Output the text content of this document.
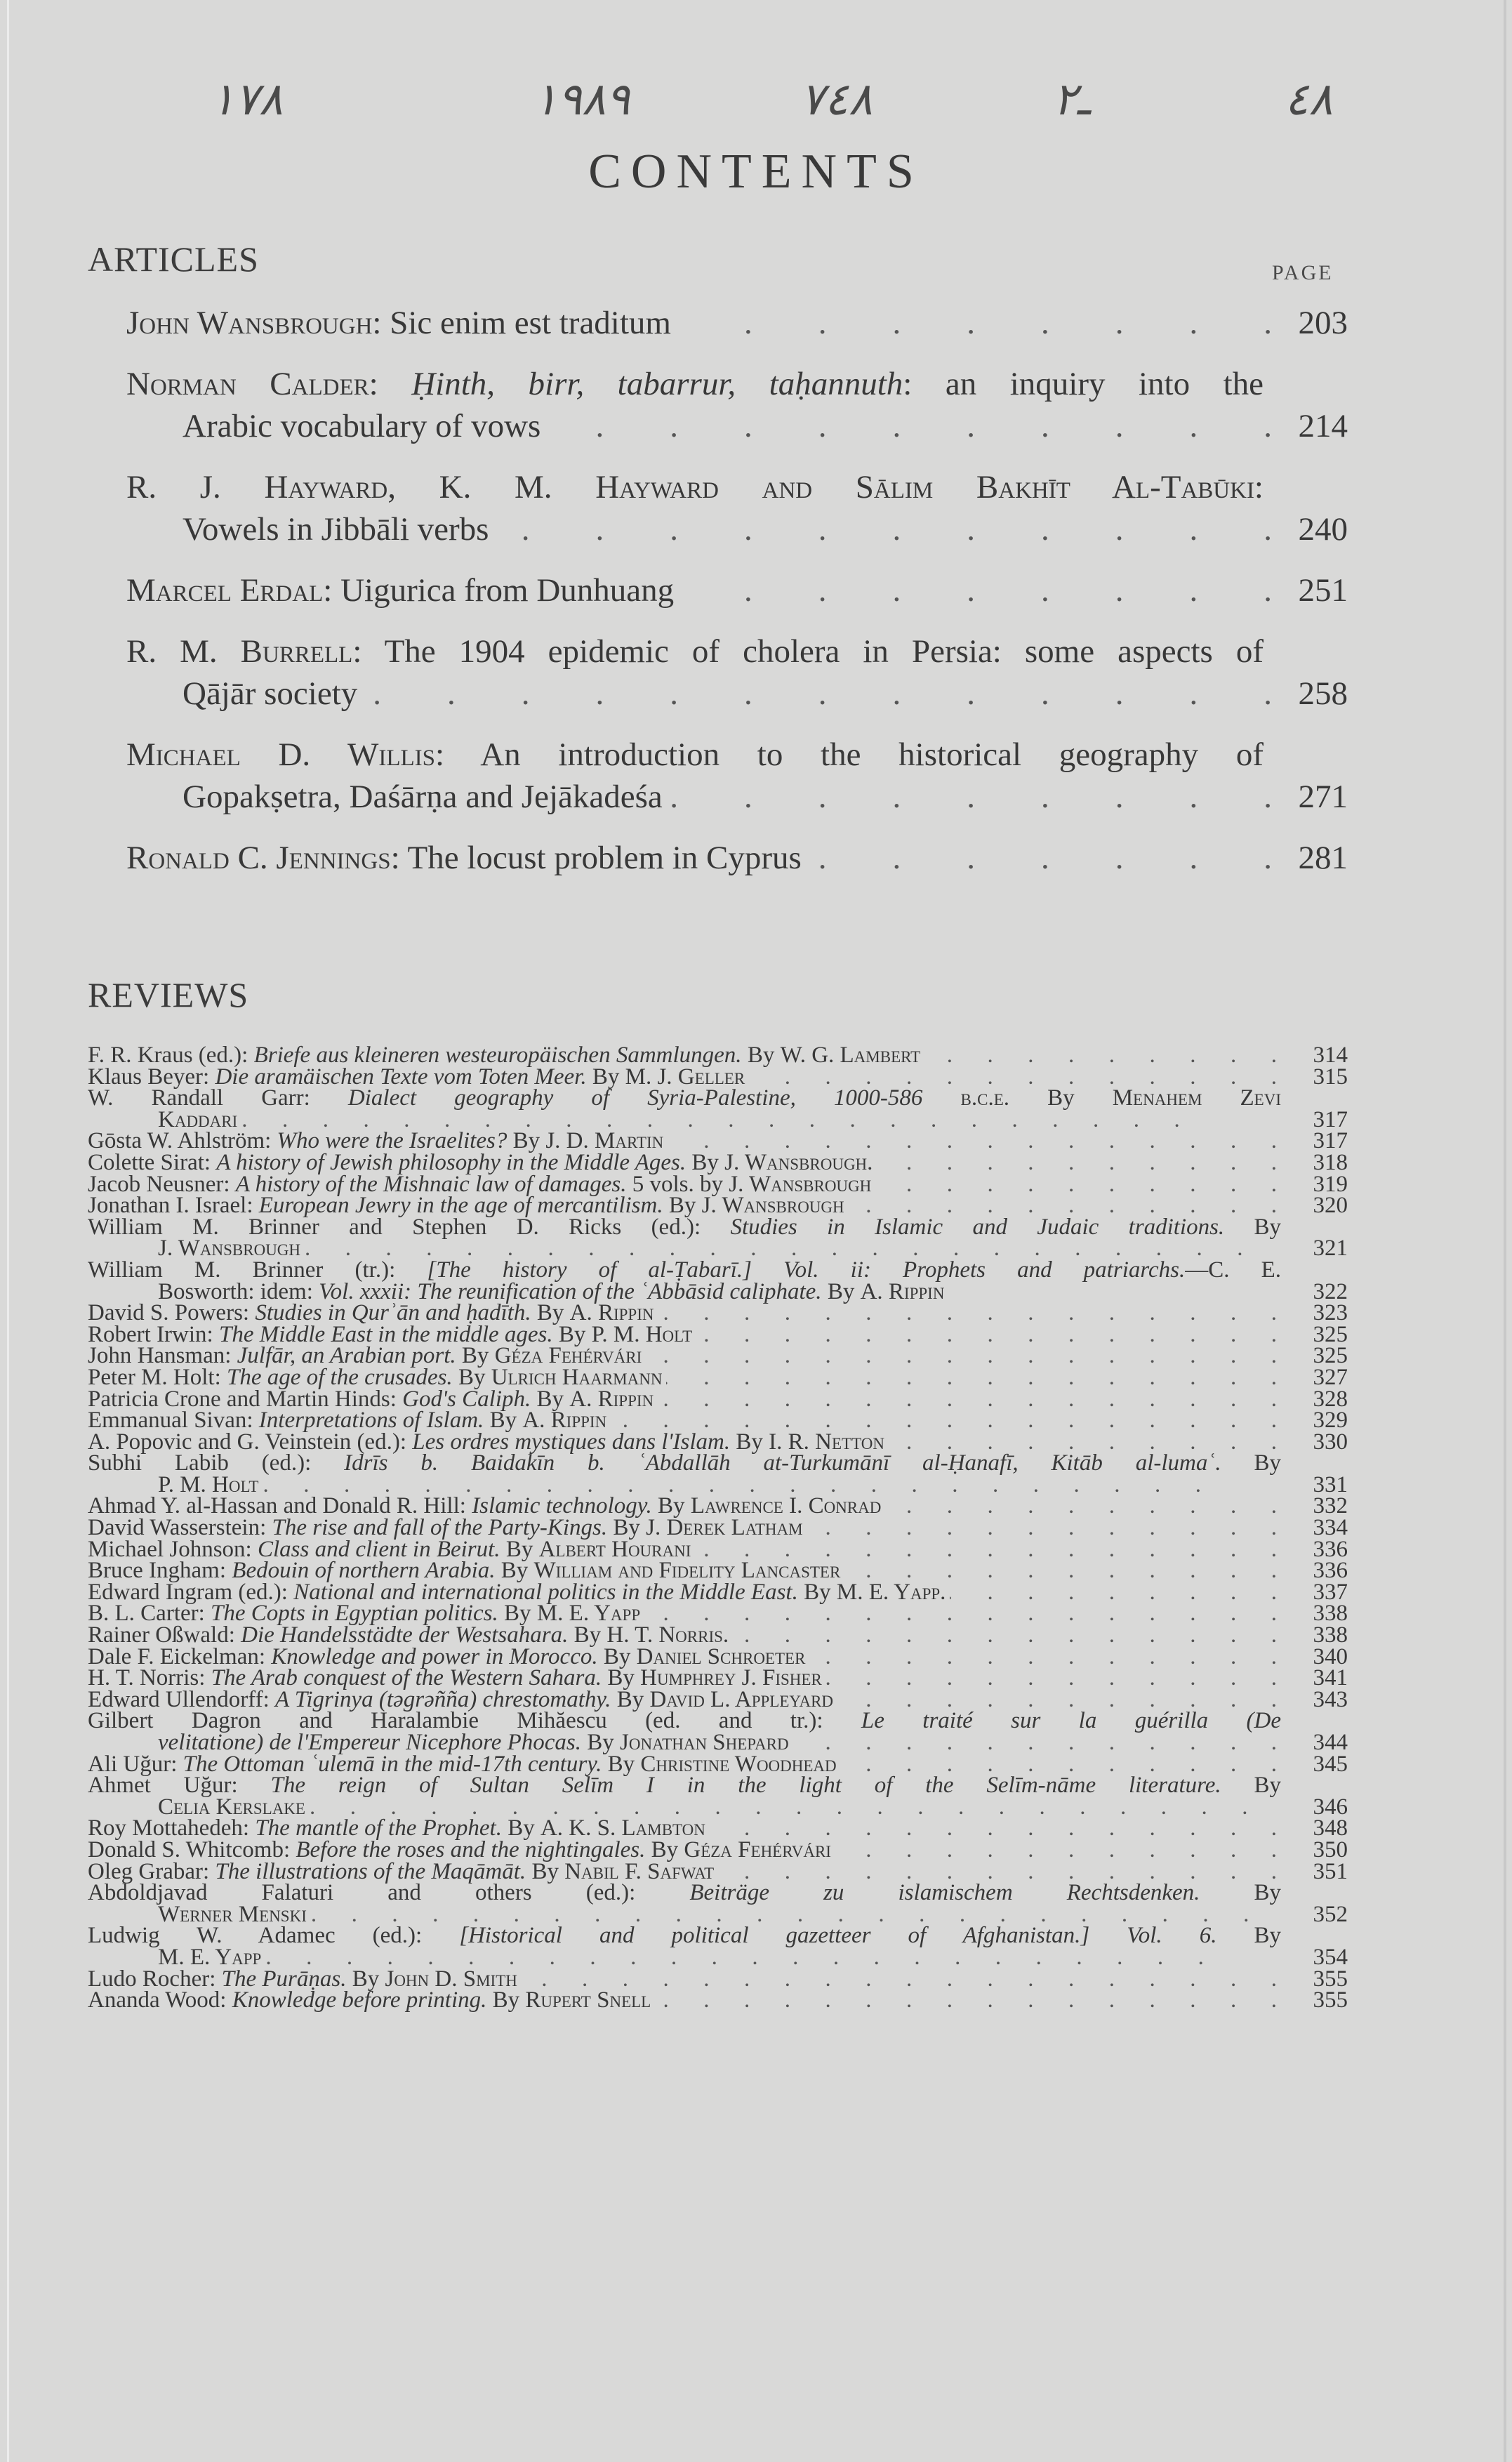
١٧٨	١٩٨٩	٧٤٨	ـ۲	٤٨
CONTENTS
ARTICLES	PAGE
John Wansbrough: Sic enim est traditum .  . 	203
Norman Calder: Ḥinth, birr, tabarrur, taḥannuth: an inquiry into the
Arabic vocabulary of vows .  . 	214
R. J. Hayward, K. M. Hayward and Sālim Bakhīt Al-Tabūki:
Vowels in Jibbāli verbs .  . 	240
Marcel Erdal: Uigurica from Dunhuang .  . 	251
R. M. Burrell: The 1904 epidemic of cholera in Persia: some aspects of
Qājār society .  . 	258
Michael D. Willis: An introduction to the historical geography of
Gopakṣetra, Daśārṇa and Jejākadeśa .  . 	271
Ronald C. Jennings: The locust problem in Cyprus .  . 	281
REVIEWS
F. R. Kraus (ed.): Briefe aus kleineren westeuropäischen Sammlungen. By W. G. Lambert .   .	314
Klaus Beyer: Die aramäischen Texte vom Toten Meer. By M. J. Geller .   .	315
W. Randall Garr: Dialect geography of Syria-Palestine, 1000-586 b.c.e. By Menahem Zevi
Kaddari .   .	317
Gōsta W. Ahlström: Who were the Israelites? By J. D. Martin .   .	317
Colette Sirat: A history of Jewish philosophy in the Middle Ages. By J. Wansbrough. .   .	318
Jacob Neusner: A history of the Mishnaic law of damages. 5 vols. by J. Wansbrough .   .	319
Jonathan I. Israel: European Jewry in the age of mercantilism. By J. Wansbrough .   .	320
William M. Brinner and Stephen D. Ricks (ed.): Studies in Islamic and Judaic traditions. By
J. Wansbrough .   .	321
William M. Brinner (tr.): [The history of al-Ṭabarī.] Vol. ii: Prophets and patriarchs.—C. E.
Bosworth: idem: Vol. xxxii: The reunification of the ʿAbbāsid caliphate. By A. Rippin	322
David S. Powers: Studies in Qurʾān and ḥadīth. By A. Rippin .   .	323
Robert Irwin: The Middle East in the middle ages. By P. M. Holt .   .	325
John Hansman: Julfār, an Arabian port. By Géza Fehérvári .   .	325
Peter M. Holt: The age of the crusades. By Ulrich Haarmann .   .	327
Patricia Crone and Martin Hinds: God's Caliph. By A. Rippin .   .	328
Emmanual Sivan: Interpretations of Islam. By A. Rippin .   .	329
A. Popovic and G. Veinstein (ed.): Les ordres mystiques dans l'Islam. By I. R. Netton .   .	330
Subhi Labib (ed.): Idrīs b. Baidakīn b. ʿAbdallāh at-Turkumānī al-Ḥanafī, Kitāb al-lumaʿ. By
P. M. Holt .   .	331
Ahmad Y. al-Hassan and Donald R. Hill: Islamic technology. By Lawrence I. Conrad .   .	332
David Wasserstein: The rise and fall of the Party-Kings. By J. Derek Latham .   .	334
Michael Johnson: Class and client in Beirut. By Albert Hourani .   .	336
Bruce Ingham: Bedouin of northern Arabia. By William and Fidelity Lancaster .   .	336
Edward Ingram (ed.): National and international politics in the Middle East. By M. E. Yapp. .   .	337
B. L. Carter: The Copts in Egyptian politics. By M. E. Yapp .   .	338
Rainer Oßwald: Die Handelsstädte der Westsahara. By H. T. Norris. .   .	338
Dale F. Eickelman: Knowledge and power in Morocco. By Daniel Schroeter .   .	340
H. T. Norris: The Arab conquest of the Western Sahara. By Humphrey J. Fisher .   .	341
Edward Ullendorff: A Tigrinya (təgrəñña) chrestomathy. By David L. Appleyard .   .	343
Gilbert Dagron and Haralambie Mihăescu (ed. and tr.): Le traité sur la guérilla (De
velitatione) de l'Empereur Nicephore Phocas. By Jonathan Shepard .   .	344
Ali Uğur: The Ottoman ʿulemā in the mid-17th century. By Christine Woodhead .   .	345
Ahmet Uğur: The reign of Sultan Selīm I in the light of the Selīm-nāme literature. By
Celia Kerslake .   .	346
Roy Mottahedeh: The mantle of the Prophet. By A. K. S. Lambton .   .	348
Donald S. Whitcomb: Before the roses and the nightingales. By Géza Fehérvári .   .	350
Oleg Grabar: The illustrations of the Maqāmāt. By Nabil F. Safwat .   .	351
Abdoldjavad Falaturi and others (ed.): Beiträge zu islamischem Rechtsdenken. By
Werner Menski .   .	352
Ludwig W. Adamec (ed.): [Historical and political gazetteer of Afghanistan.] Vol. 6. By
M. E. Yapp .   .	354
Ludo Rocher: The Purāṇas. By John D. Smith .   .	355
Ananda Wood: Knowledge before printing. By Rupert Snell .   .	355
